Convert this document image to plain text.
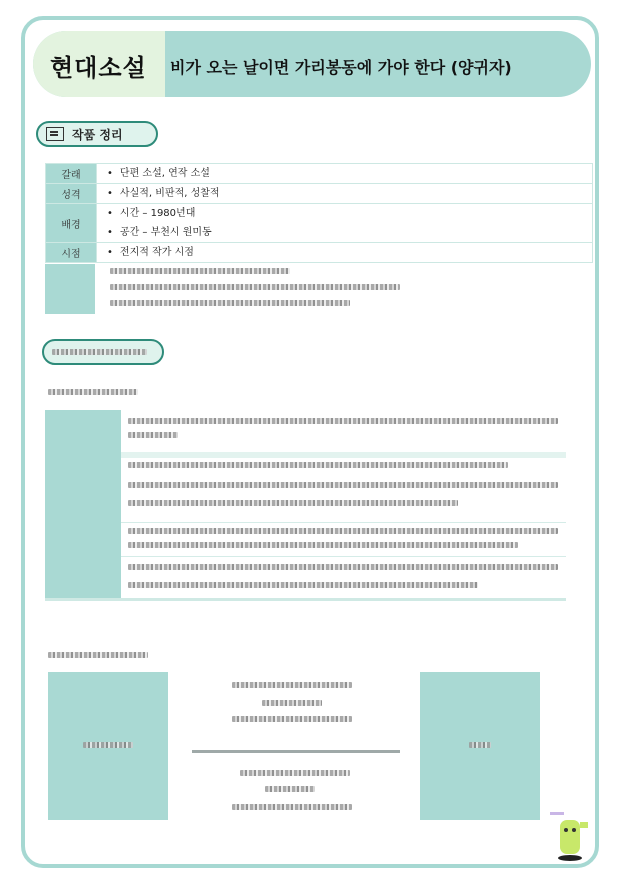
현대소설 비가 오는 날이면 가리봉동에 가야 한다 (양귀자)
작품 정리
갈래	• 단편 소설, 연작 소설

성격	• 사실적, 비판적, 성찰적

배경	• 시간 – 1980년대
• 공간 – 부천시 원미동

시점	• 전지적 작가 시점
